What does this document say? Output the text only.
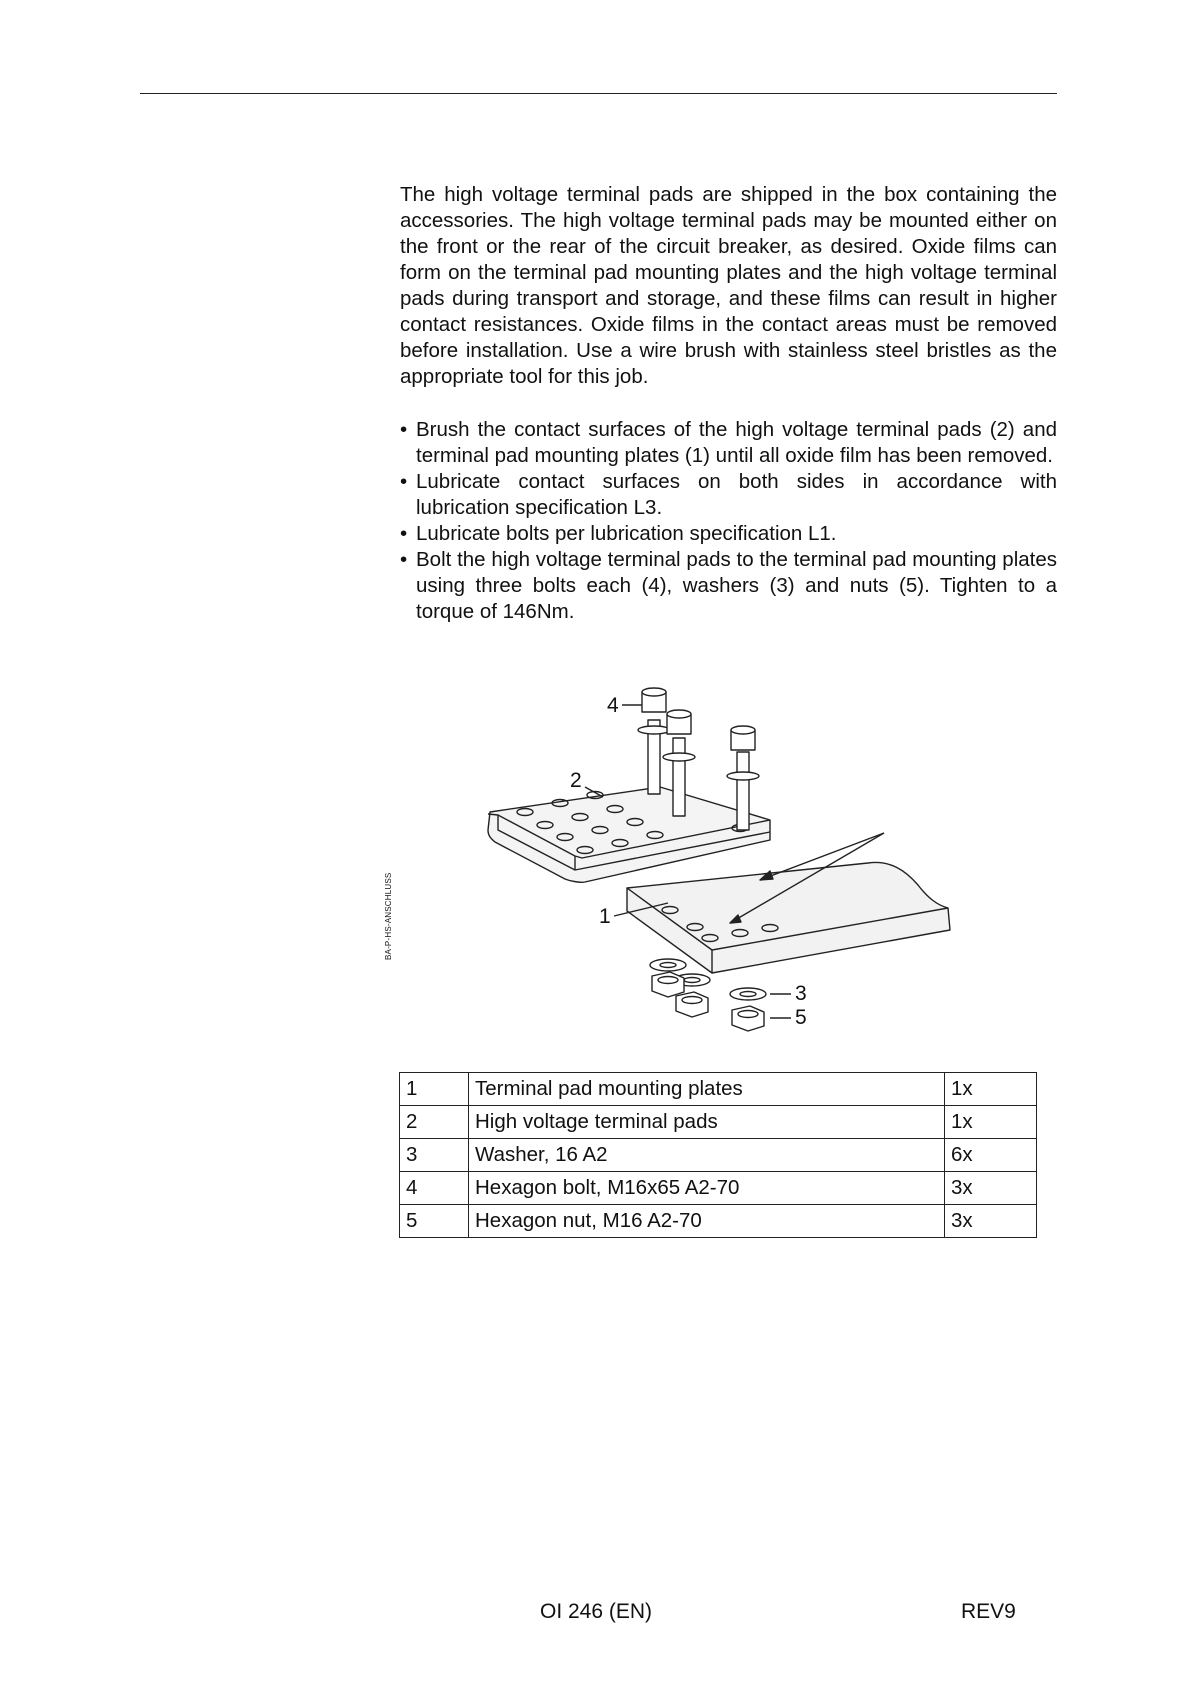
The high voltage terminal pads are shipped in the box containing the accessories. The high voltage terminal pads may be mounted either on the front or the rear of the circuit breaker, as desired. Oxide films can form on the terminal pad mounting plates and the high voltage terminal pads during transport and storage, and these films can result in higher contact resistances. Oxide films in the contact areas must be removed before installation. Use a wire brush with stainless steel bristles as the appropriate tool for this job.

• Brush the contact surfaces of the high voltage terminal pads (2) and terminal pad mounting plates (1) until all oxide film has been removed.
• Lubricate contact surfaces on both sides in accordance with lubrication specification L3.
• Lubricate bolts per lubrication specification L1.
• Bolt the high voltage terminal pads to the terminal pad mounting plates using three bolts each (4), washers (3) and nuts (5). Tighten to a torque of 146Nm.
4
2
1
3
5
BA-P-HS-ANSCHLUSS
1	Terminal pad mounting plates	1x
2	High voltage terminal pads	1x
3	Washer, 16 A2	6x
4	Hexagon bolt, M16x65 A2-70	3x
5	Hexagon nut, M16 A2-70	3x
OI 246 (EN)	REV9
